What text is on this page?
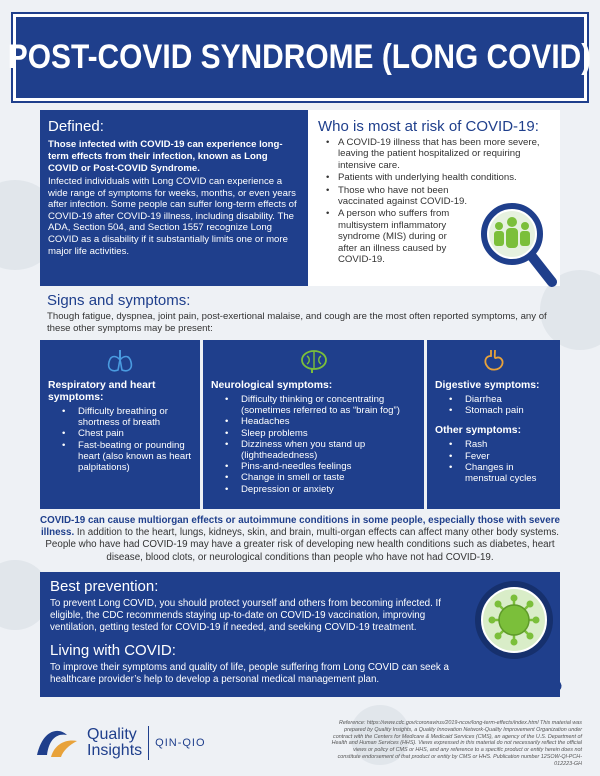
POST-COVID SYNDROME (LONG COVID)
Defined:
Those infected with COVID-19 can experience long-term effects from their infection, known as Long COVID or Post-COVID Syndrome.
Infected individuals with Long COVID can experience a wide range of symptoms for weeks, months, or even years after infection. Some people can suffer long-term effects of COVID-19 after COVID-19 illness, including disability. The ADA, Section 504, and Section 1557 recognize Long COVID as a disability if it substantially limits one or more major life activities.
Who is most at risk of COVID-19:
• A COVID-19 illness that has been more severe, leaving the patient hospitalized or requiring intensive care.
• Patients with underlying health conditions.
• Those who have not been vaccinated against COVID-19.
• A person who suffers from multisystem inflammatory syndrome (MIS) during or after an illness caused by COVID-19.
Signs and symptoms:
Though fatigue, dyspnea, joint pain, post-exertional malaise, and cough are the most often reported symptoms, any of these other symptoms may be present:
Respiratory and heart symptoms:
• Difficulty breathing or shortness of breath
• Chest pain
• Fast-beating or pounding heart (also known as heart palpitations)
Neurological symptoms:
• Difficulty thinking or concentrating (sometimes referred to as “brain fog”)
• Headaches
• Sleep problems
• Dizziness when you stand up (lightheadedness)
• Pins-and-needles feelings
• Change in smell or taste
• Depression or anxiety
Digestive symptoms:
• Diarrhea
• Stomach pain
Other symptoms:
• Rash
• Fever
• Changes in menstrual cycles
COVID-19 can cause multiorgan effects or autoimmune conditions in some people, especially those with severe illness. In addition to the heart, lungs, kidneys, skin, and brain, multi-organ effects can affect many other body systems. People who have had COVID-19 may have a greater risk of developing new health conditions such as diabetes, heart disease, blood clots, or neurological conditions than people who have not had COVID-19.
Best prevention:
To prevent Long COVID, you should protect yourself and others from becoming infected. If eligible, the CDC recommends staying up-to-date on COVID-19 vaccination, improving ventilation, getting tested for COVID-19 if needed, and seeking COVID-19 treatment.
Living with COVID:
To improve their symptoms and quality of life, people suffering from Long COVID can seek a healthcare provider’s help to develop a personal medical management plan.
Quality
Insights QIN-QIO
Reference: https://www.cdc.gov/coronavirus/2019-ncov/long-term-effects/index.html This material was prepared by Quality Insights, a Quality Innovation Network-Quality Improvement Organization under contract with the Centers for Medicare & Medicaid Services (CMS), an agency of the U.S. Department of Health and Human Services (HHS). Views expressed in this material do not necessarily reflect the official views or policy of CMS or HHS, and any reference to a specific product or entity herein does not constitute endorsement of that product or entity by CMS or HHS. Publication number 12SOW-QI-PCH-012223-GH
